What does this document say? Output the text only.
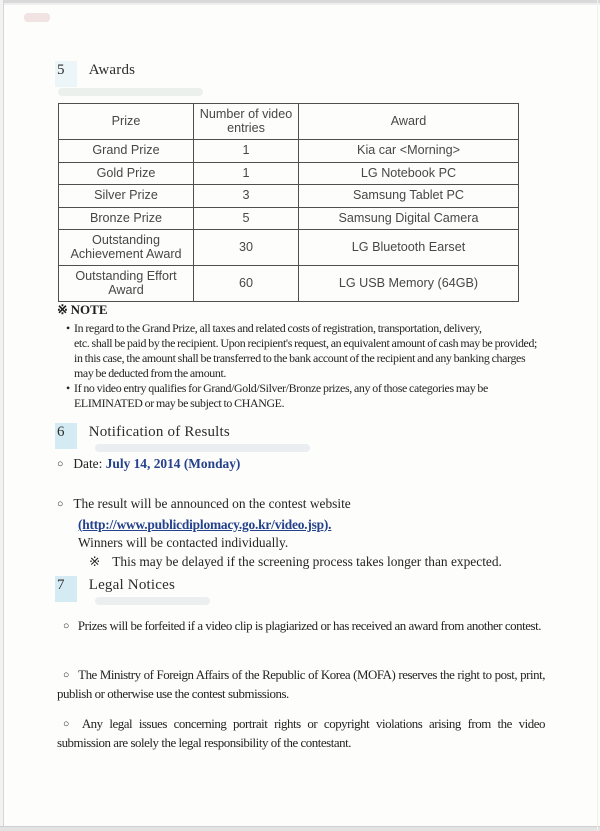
5 Awards
Prize	Number of video entries	Award
Grand Prize	1	Kia car <Morning>
Gold Prize	1	LG Notebook PC
Silver Prize	3	Samsung Tablet PC
Bronze Prize	5	Samsung Digital Camera
Outstanding Achievement Award	30	LG Bluetooth Earset
Outstanding Effort Award	60	LG USB Memory (64GB)
※ NOTE
• In regard to the Grand Prize, all taxes and related costs of registration, transportation, delivery,
etc. shall be paid by the recipient. Upon recipient's request, an equivalent amount of cash may be provided;
in this case, the amount shall be transferred to the bank account of the recipient and any banking charges
may be deducted from the amount.
• If no video entry qualifies for Grand/Gold/Silver/Bronze prizes, any of those categories may be
ELIMINATED or may be subject to CHANGE.
6 Notification of Results
○ Date: July 14, 2014 (Monday)
○ The result will be announced on the contest website
(http://www.publicdiplomacy.go.kr/video.jsp).
Winners will be contacted individually.
※ This may be delayed if the screening process takes longer than expected.
7 Legal Notices
○ Prizes will be forfeited if a video clip is plagiarized or has received an award from another contest.
○ The Ministry of Foreign Affairs of the Republic of Korea (MOFA) reserves the right to post, print, publish or otherwise use the contest submissions.
○ Any legal issues concerning portrait rights or copyright violations arising from the video submission are solely the legal responsibility of the contestant.
